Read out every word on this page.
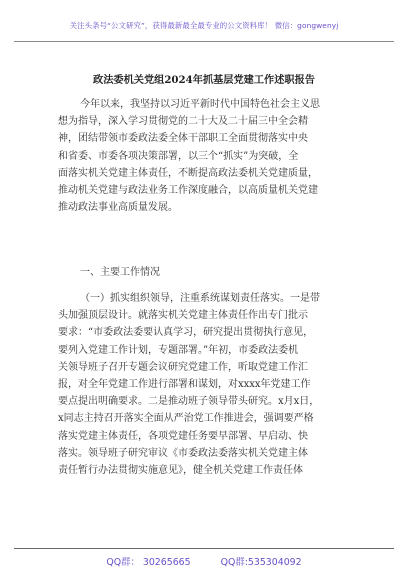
关注头条号“公文研究”，获得最新最全最专业的公文资料库！ 微信：gongwenyj
政法委机关党组2024年抓基层党建工作述职报告
今年以来，我坚持以习近平新时代中国特色社会主义思
想为指导，深入学习贯彻党的二十大及二十届三中全会精
神，团结带领市委政法委全体干部职工全面贯彻落实中央
和省委、市委各项决策部署，以三个“抓实”为突破，全
面落实机关党建主体责任，不断提高政法委机关党建质量，
推动机关党建与政法业务工作深度融合，以高质量机关党建
推动政法事业高质量发展。
一、主要工作情况
（一）抓实组织领导，注重系统谋划责任落实。一是带
头加强顶层设计。就落实机关党建主体责任作出专门批示
要求：“市委政法委要认真学习，研究提出贯彻执行意见，
要列入党建工作计划，专题部署。”年初，市委政法委机
关领导班子召开专题会议研究党建工作，听取党建工作汇
报，对全年党建工作进行部署和谋划，对xxxx年党建工作
要点提出明确要求。二是推动班子领导带头研究。x月x日，
x同志主持召开落实全面从严治党工作推进会，强调要严格
落实党建主体责任，各项党建任务要早部署、早启动、快
落实。领导班子研究审议《市委政法委落实机关党建主体
责任暂行办法贯彻实施意见》，健全机关党建工作责任体
QQ群： 30265665	QQ群:535304092
